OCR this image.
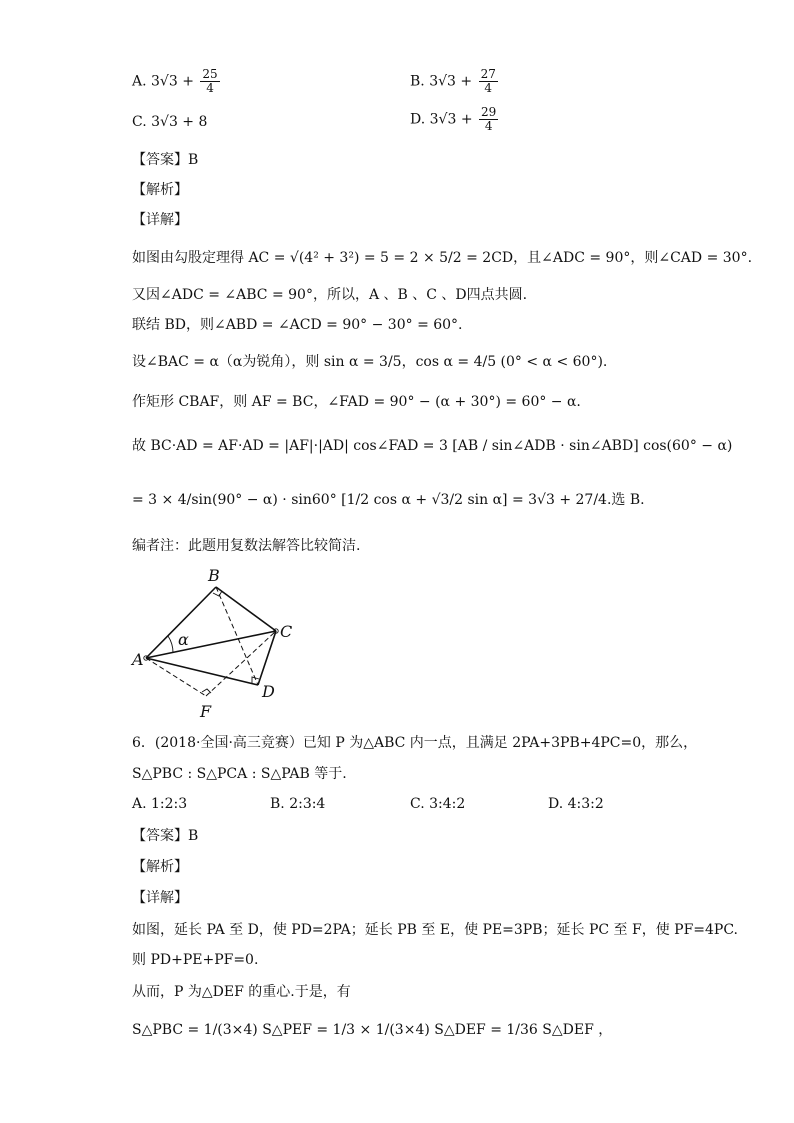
A. $3√3 + \frac{25}{4}$	B. $3√3 + \frac{27}{4}$
C. 3√3 + 8	D. $3√3 + \frac{29}{4}$
【答案】B
【解析】
【详解】
如图由勾股定理得 AC = √(4² + 3²) = 5 = 2 × 5/2 = 2CD，且∠ADC = 90°，则∠CAD = 30°.
又因∠ADC = ∠ABC = 90°，所以，A 、B 、C 、D四点共圆.
联结 BD，则∠ABD = ∠ACD = 90° − 30° = 60°.
设∠BAC = α（α为锐角），则 sin α = 3/5，cos α = 4/5 (0° < α < 60°).
作矩形 CBAF，则 AF = BC，∠FAD = 90° − (α + 30°) = 60° − α.
故 BC·AD = AF·AD = |AF|·|AD| cos∠FAD = 3 [AB / sin∠ADB · sin∠ABD] cos(60° − α)
= 3 × 4/sin(90° − α) · sin60° [1/2 cos α + √3/2 sin α] = 3√3 + 27/4.选 B.
编者注：此题用复数法解答比较简洁.
B
C
A
D
F
α
6．(2018·全国·高三竞赛）已知 P 为△ABC 内一点，且满足 2PA+3PB+4PC=0，那么，
S△PBC : S△PCA : S△PAB 等于.
A. 1:2:3	B. 2:3:4	C. 3:4:2	D. 4:3:2
【答案】B
【解析】
【详解】
如图，延长 PA 至 D，使 PD=2PA；延长 PB 至 E，使 PE=3PB；延长 PC 至 F，使 PF=4PC.
则 PD+PE+PF=0.
从而，P 为△DEF 的重心.于是，有
S△PBC = 1/(3×4) S△PEF = 1/3 × 1/(3×4) S△DEF = 1/36 S△DEF ，
